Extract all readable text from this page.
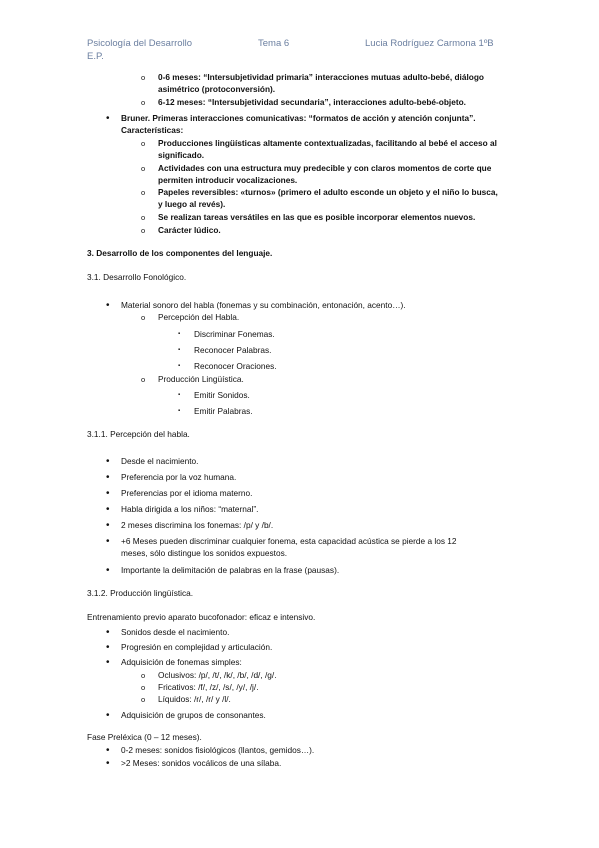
Psicología del Desarrollo	Tema 6	Lucia Rodríguez Carmona 1ºB
E.P.
o 0-6 meses: “Intersubjetividad primaria” interacciones mutuas adulto-bebé, diálogo
asimétrico (protoconversión).
o 6-12 meses: “Intersubjetividad secundaria”, interacciones adulto-bebé-objeto.
• Bruner. Primeras interacciones comunicativas: “formatos de acción y atención conjunta”.
Características:
o Producciones lingüísticas altamente contextualizadas, facilitando al bebé el acceso al
significado.
o Actividades con una estructura muy predecible y con claros momentos de corte que
permiten introducir vocalizaciones.
o Papeles reversibles: «turnos» (primero el adulto esconde un objeto y el niño lo busca,
y luego al revés).
o Se realizan tareas versátiles en las que es posible incorporar elementos nuevos.
o Carácter lúdico.
3. Desarrollo de los componentes del lenguaje.
3.1. Desarrollo Fonológico.
• Material sonoro del habla (fonemas y su combinación, entonación, acento…).
o Percepción del Habla.
▪ Discriminar Fonemas.
▪ Reconocer Palabras.
▪ Reconocer Oraciones.
o Producción Lingüística.
▪ Emitir Sonidos.
▪ Emitir Palabras.
3.1.1. Percepción del habla.
• Desde el nacimiento.
• Preferencia por la voz humana.
• Preferencias por el idioma materno.
• Habla dirigida a los niños: “maternal”.
• 2 meses discrimina los fonemas: /p/ y /b/.
• +6 Meses pueden discriminar cualquier fonema, esta capacidad acústica se pierde a los 12
meses, sólo distingue los sonidos expuestos.
• Importante la delimitación de palabras en la frase (pausas).
3.1.2. Producción lingüística.
Entrenamiento previo aparato bucofonador: eficaz e intensivo.
• Sonidos desde el nacimiento.
• Progresión en complejidad y articulación.
• Adquisición de fonemas simples:
o Oclusivos: /p/, /t/, /k/, /b/, /d/, /g/.
o Fricativos: /f/, /z/, /s/, /y/, /j/.
o Líquidos: /r/, /r/ y /l/.
• Adquisición de grupos de consonantes.
Fase Preléxica (0 – 12 meses).
• 0-2 meses: sonidos fisiológicos (llantos, gemidos…).
• >2 Meses: sonidos vocálicos de una sílaba.
